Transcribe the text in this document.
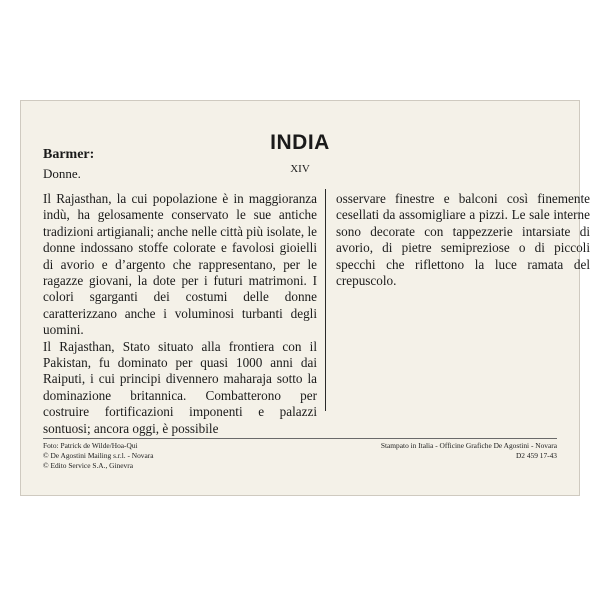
INDIA
XIV
Barmer:
Donne.

Il Rajasthan, la cui popolazione è in maggioranza indù, ha gelosamente conservato le sue antiche tradizioni artigianali; anche nelle città più isolate, le donne indossano stoffe colorate e favolosi gioielli di avorio e d’argento che rappresentano, per le ragazze giovani, la dote per i futuri matrimoni. I colori sgarganti dei costumi delle donne caratterizzano anche i voluminosi turbanti degli uomini.

Il Rajasthan, Stato situato alla frontiera con il Pakistan, fu dominato per quasi 1000 anni dai Raiputi, i cui principi divennero maharaja sotto la dominazione britannica. Combatterono per costruire fortificazioni imponenti e palazzi sontuosi; ancora oggi, è possibile

osservare finestre e balconi così finemente cesellati da assomigliare a pizzi. Le sale interne sono decorate con tappezzerie intarsiate di avorio, di pietre semipreziose o di piccoli specchi che riflettono la luce ramata del crepuscolo.

Foto: Patrick de Wilde/Hoa-Qui
© De Agostini Mailing s.r.l. - Novara
© Edito Service S.A., Ginevra
Stampato in Italia - Officine Grafiche De Agostini - Novara
D2 459 17-43
